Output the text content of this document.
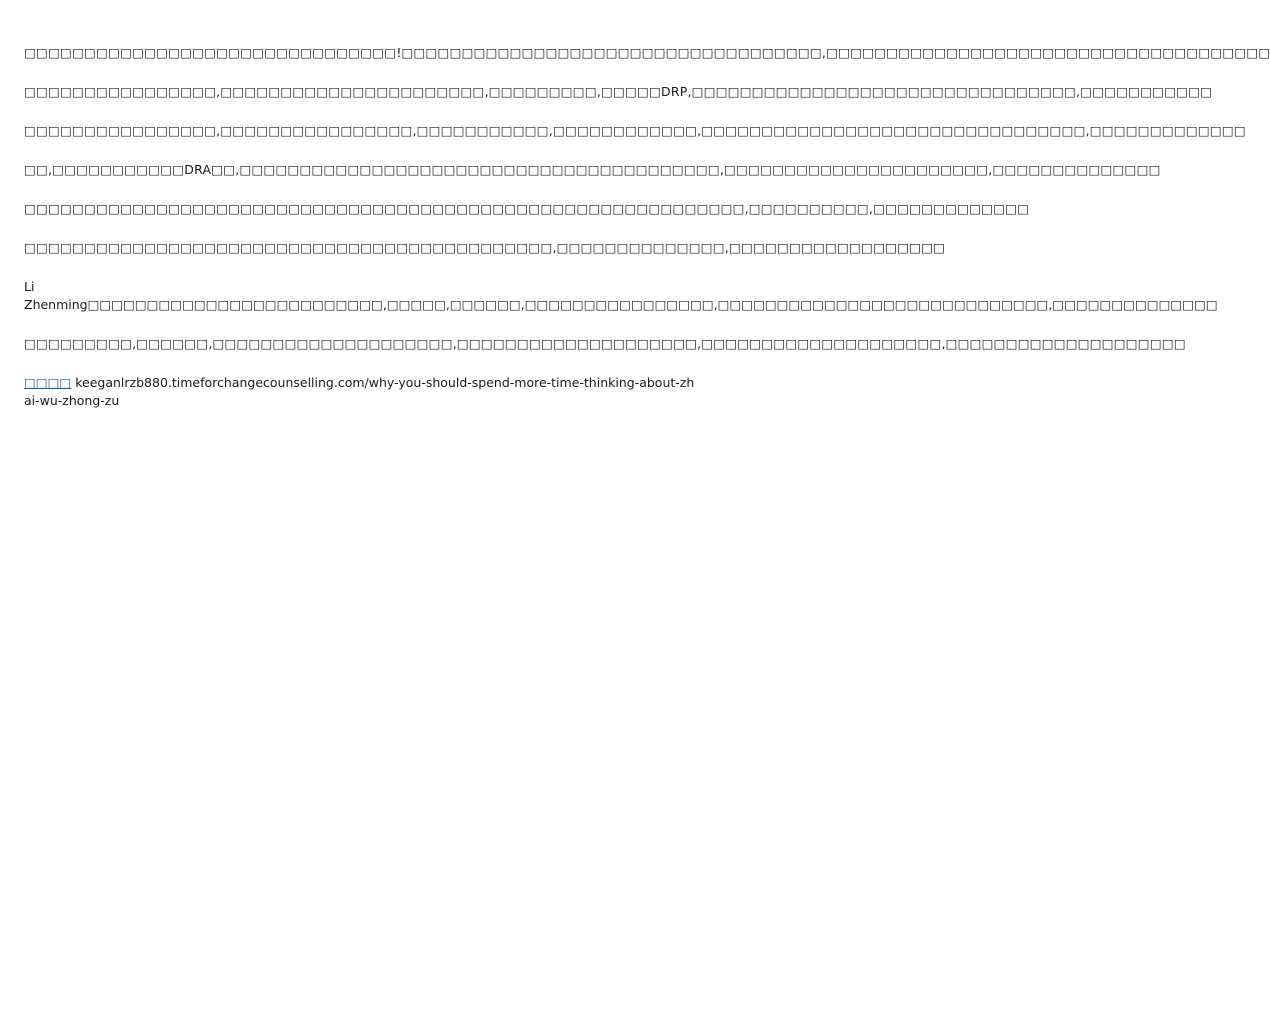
□□□□□□□□□□□□□□□□□□□□□□□□□□□□□□□!□□□□□□□□□□□□□□□□□□□□□□□□□□□□□□□□□□□,□□□□□□□□□□□□□□□□□□□□□□□□□□□□□□□□□□□□□

□□□□□□□□□□□□□□□□,□□□□□□□□□□□□□□□□□□□□□□,□□□□□□□□□,□□□□□DRP,□□□□□□□□□□□□□□□□□□□□□□□□□□□□□□□□,□□□□□□□□□□□

□□□□□□□□□□□□□□□□,□□□□□□□□□□□□□□□□,□□□□□□□□□□□,□□□□□□□□□□□□,□□□□□□□□□□□□□□□□□□□□□□□□□□□□□□□□,□□□□□□□□□□□□□

□□,□□□□□□□□□□□DRA□□,□□□□□□□□□□□□□□□□□□□□□□□□□□□□□□□□□□□□□□□□,□□□□□□□□□□□□□□□□□□□□□□,□□□□□□□□□□□□□□

□□□□□□□□□□□□□□□□□□□□□□□□□□□□□□□□□□□□□□□□□□□□□□□□□□□□□□□□□□□□,□□□□□□□□□□,□□□□□□□□□□□□□

□□□□□□□□□□□□□□□□□□□□□□□□□□□□□□□□□□□□□□□□□□□□,□□□□□□□□□□□□□□,□□□□□□□□□□□□□□□□□□

Li
Zhenming□□□□□□□□□□□□□□□□□□□□□□□□□,□□□□□,□□□□□□,□□□□□□□□□□□□□□□□,□□□□□□□□□□□□□□□□□□□□□□□□□□□□,□□□□□□□□□□□□□□

□□□□□□□□□,□□□□□□,□□□□□□□□□□□□□□□□□□□□,□□□□□□□□□□□□□□□□□□□□,□□□□□□□□□□□□□□□□□□□□,□□□□□□□□□□□□□□□□□□□□

□□□□ keeganlrzb880.timeforchangecounselling.com/why-you-should-spend-more-time-thinking-about-zhai-wu-zhong-zu
